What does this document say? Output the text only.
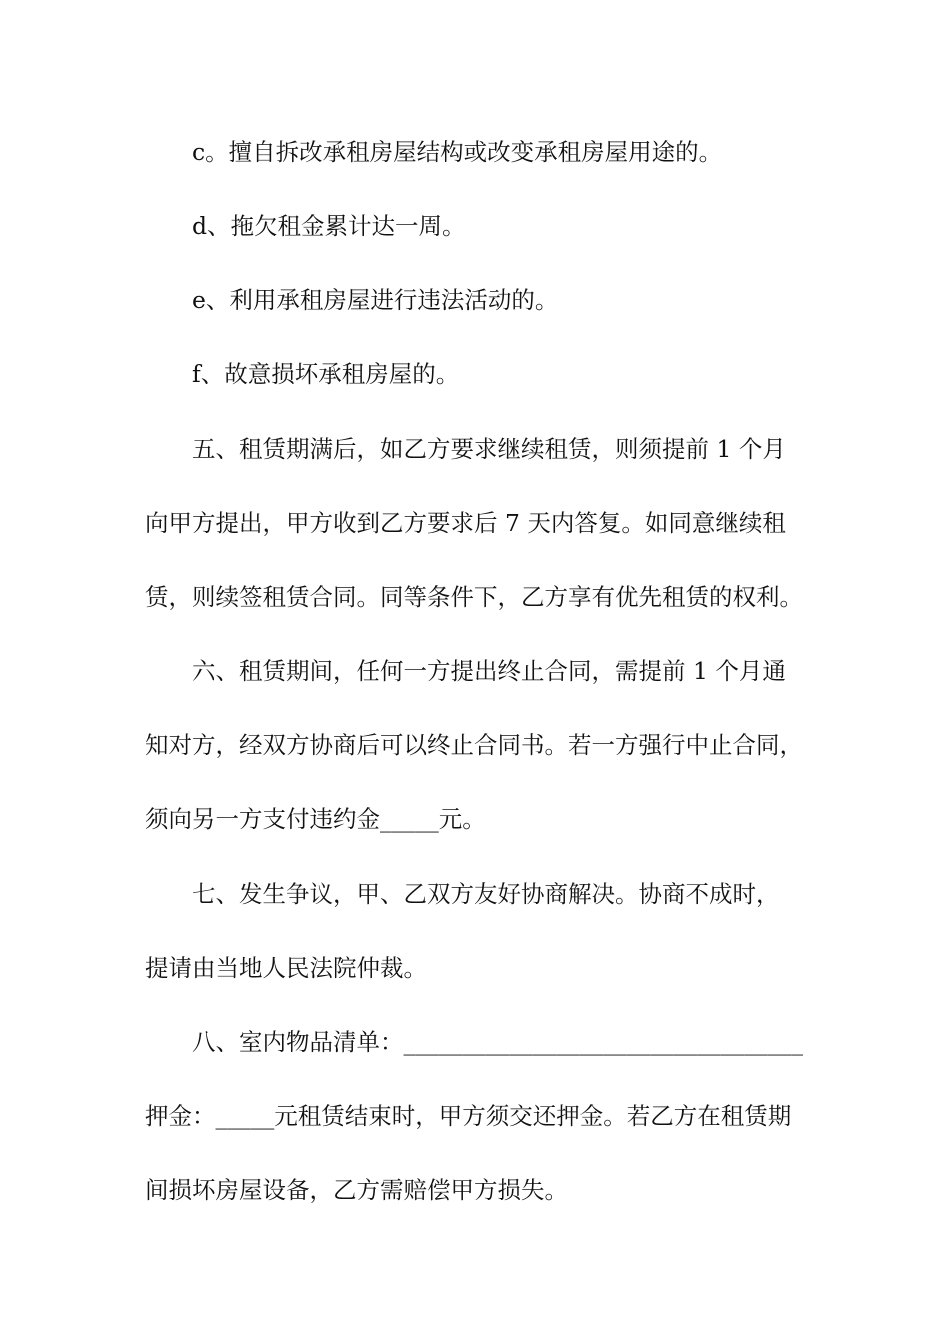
c。擅自拆改承租房屋结构或改变承租房屋用途的。
d、拖欠租金累计达一周。
e、利用承租房屋进行违法活动的。
f、故意损坏承租房屋的。
五、租赁期满后，如乙方要求继续租赁，则须提前 1 个月
向甲方提出，甲方收到乙方要求后 7 天内答复。如同意继续租
赁，则续签租赁合同。同等条件下，乙方享有优先租赁的权利。
六、租赁期间，任何一方提出终止合同，需提前 1 个月通
知对方，经双方协商后可以终止合同书。若一方强行中止合同，
须向另一方支付违约金_____元。
七、发生争议，甲、乙双方友好协商解决。协商不成时，
提请由当地人民法院仲裁。
八、室内物品清单：__________________________________
押金：_____元租赁结束时，甲方须交还押金。若乙方在租赁期
间损坏房屋设备，乙方需赔偿甲方损失。
